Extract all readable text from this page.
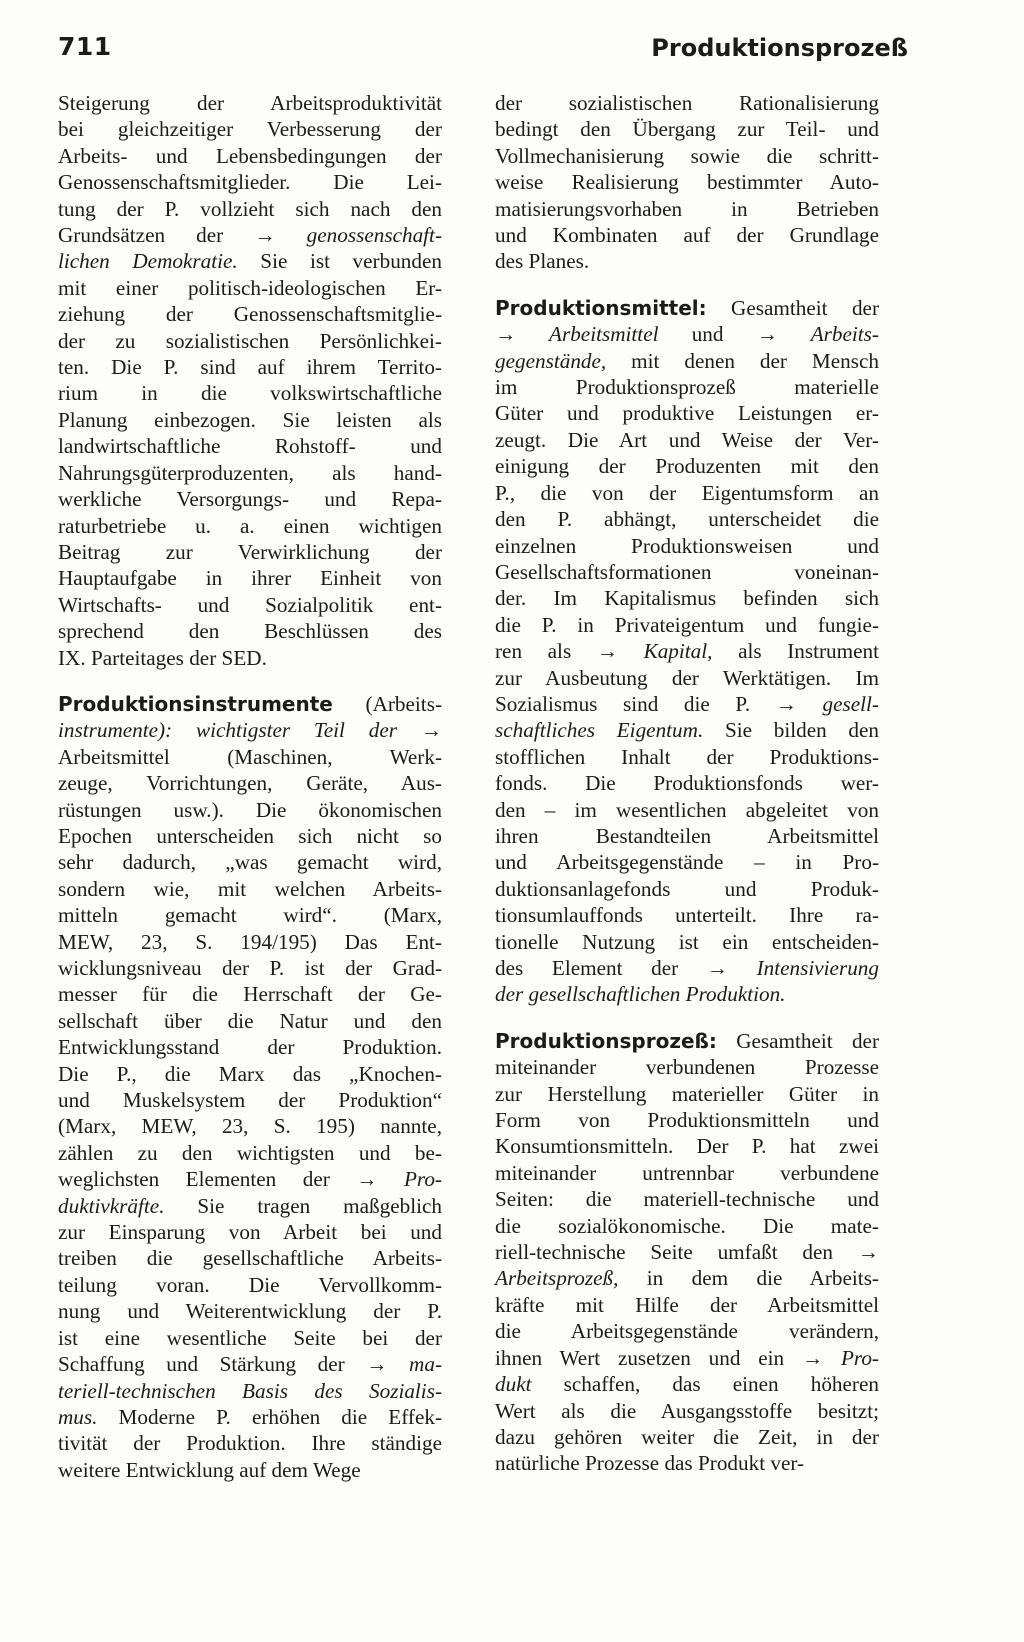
711	Produktionsprozeß
Steigerung der Arbeitsproduktivität
bei gleichzeitiger Verbesserung der
Arbeits- und Lebensbedingungen der
Genossenschaftsmitglieder. Die Lei-
tung der P. vollzieht sich nach den
Grundsätzen der → genossenschaft-
lichen Demokratie. Sie ist verbunden
mit einer politisch-ideologischen Er-
ziehung der Genossenschaftsmitglie-
der zu sozialistischen Persönlichkei-
ten. Die P. sind auf ihrem Territo-
rium in die volkswirtschaftliche
Planung einbezogen. Sie leisten als
landwirtschaftliche Rohstoff- und
Nahrungsgüterproduzenten, als hand-
werkliche Versorgungs- und Repa-
raturbetriebe u. a. einen wichtigen
Beitrag zur Verwirklichung der
Hauptaufgabe in ihrer Einheit von
Wirtschafts- und Sozialpolitik ent-
sprechend den Beschlüssen des
IX. Parteitages der SED.
Produktionsinstrumente (Arbeits-
instrumente): wichtigster Teil der →
Arbeitsmittel (Maschinen, Werk-
zeuge, Vorrichtungen, Geräte, Aus-
rüstungen usw.). Die ökonomischen
Epochen unterscheiden sich nicht so
sehr dadurch, „was gemacht wird,
sondern wie, mit welchen Arbeits-
mitteln gemacht wird“. (Marx,
MEW, 23, S. 194/195) Das Ent-
wicklungsniveau der P. ist der Grad-
messer für die Herrschaft der Ge-
sellschaft über die Natur und den
Entwicklungsstand der Produktion.
Die P., die Marx das „Knochen-
und Muskelsystem der Produktion“
(Marx, MEW, 23, S. 195) nannte,
zählen zu den wichtigsten und be-
weglichsten Elementen der → Pro-
duktivkräfte. Sie tragen maßgeblich
zur Einsparung von Arbeit bei und
treiben die gesellschaftliche Arbeits-
teilung voran. Die Vervollkomm-
nung und Weiterentwicklung der P.
ist eine wesentliche Seite bei der
Schaffung und Stärkung der → ma-
teriell-technischen Basis des Sozialis-
mus. Moderne P. erhöhen die Effek-
tivität der Produktion. Ihre ständige
weitere Entwicklung auf dem Wege
der sozialistischen Rationalisierung
bedingt den Übergang zur Teil- und
Vollmechanisierung sowie die schritt-
weise Realisierung bestimmter Auto-
matisierungsvorhaben in Betrieben
und Kombinaten auf der Grundlage
des Planes.
Produktionsmittel: Gesamtheit der
→ Arbeitsmittel und → Arbeits-
gegenstände, mit denen der Mensch
im Produktionsprozeß materielle
Güter und produktive Leistungen er-
zeugt. Die Art und Weise der Ver-
einigung der Produzenten mit den
P., die von der Eigentumsform an
den P. abhängt, unterscheidet die
einzelnen Produktionsweisen und
Gesellschaftsformationen voneinan-
der. Im Kapitalismus befinden sich
die P. in Privateigentum und fungie-
ren als → Kapital, als Instrument
zur Ausbeutung der Werktätigen. Im
Sozialismus sind die P. → gesell-
schaftliches Eigentum. Sie bilden den
stofflichen Inhalt der Produktions-
fonds. Die Produktionsfonds wer-
den – im wesentlichen abgeleitet von
ihren Bestandteilen Arbeitsmittel
und Arbeitsgegenstände – in Pro-
duktionsanlagefonds und Produk-
tionsumlauffonds unterteilt. Ihre ra-
tionelle Nutzung ist ein entscheiden-
des Element der → Intensivierung
der gesellschaftlichen Produktion.
Produktionsprozeß: Gesamtheit der
miteinander verbundenen Prozesse
zur Herstellung materieller Güter in
Form von Produktionsmitteln und
Konsumtionsmitteln. Der P. hat zwei
miteinander untrennbar verbundene
Seiten: die materiell-technische und
die sozialökonomische. Die mate-
riell-technische Seite umfaßt den →
Arbeitsprozeß, in dem die Arbeits-
kräfte mit Hilfe der Arbeitsmittel
die Arbeitsgegenstände verändern,
ihnen Wert zusetzen und ein → Pro-
dukt schaffen, das einen höheren
Wert als die Ausgangsstoffe besitzt;
dazu gehören weiter die Zeit, in der
natürliche Prozesse das Produkt ver-
